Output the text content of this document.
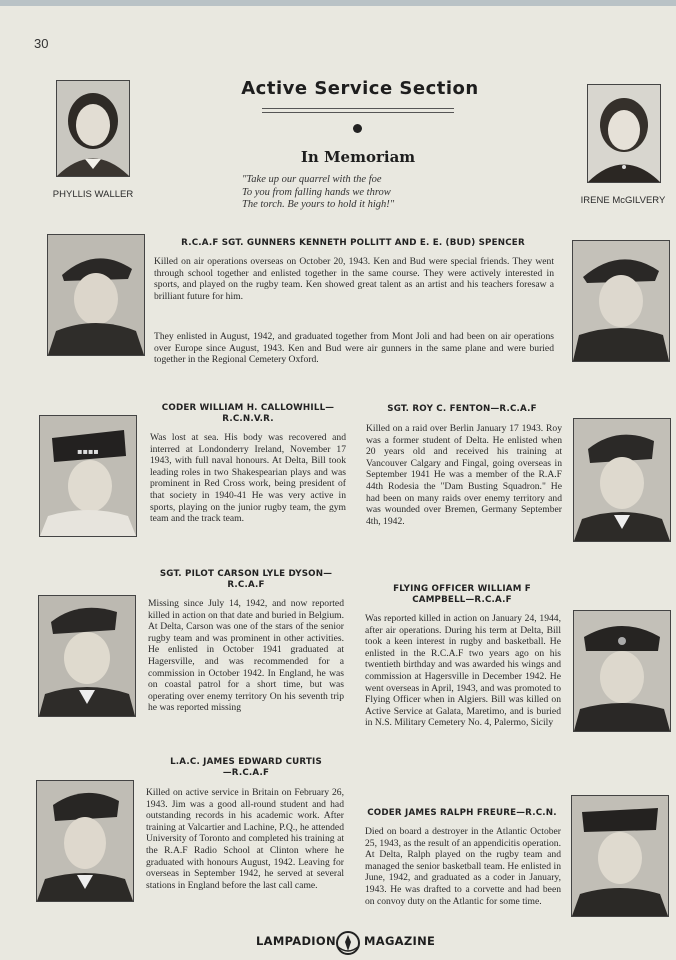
30
Active Service Section
In Memoriam
"Take up our quarrel with the foe
To you from falling hands we throw
The torch. Be yours to hold it high!"
PHYLLIS WALLER
IRENE McGILVERY
R.C.A.F SGT. GUNNERS KENNETH POLLITT AND E. E. (BUD) SPENCER

Killed on air operations overseas on October 20, 1943. Ken and Bud were special friends. They went through school together and enlisted together in the same course. They were actively interested in sports, and played on the rugby team. Ken showed great talent as an artist and his teachers foresaw a brilliant future for him.

They enlisted in August, 1942, and graduated together from Mont Joli and had been on air operations over Europe since August, 1943. Ken and Bud were air gunners in the same plane and were buried together in the Regional Cemetery Oxford.

▪▪▪▪
CODER WILLIAM H. CALLOWHILL—
R.C.N.V.R.

Was lost at sea. His body was recovered and interred at Londonderry Ireland, November 17 1943, with full naval honours. At Delta, Bill took leading roles in two Shakespearian plays and was prominent in Red Cross work, being president of that society in 1940-41 He was very active in sports, playing on the junior rugby team, the gym team and the track team.

SGT. ROY C. FENTON—R.C.A.F

Killed on a raid over Berlin January 17 1943. Roy was a former student of Delta. He enlisted when 20 years old and received his training at Vancouver Calgary and Fingal, going overseas in September 1941 He was a member of the R.A.F 44th Rodesia the "Dam Busting Squadron." He had been on many raids over enemy territory and was wounded over Bremen, Germany September 4th, 1942.

SGT. PILOT CARSON LYLE DYSON—
R.C.A.F

Missing since July 14, 1942, and now reported killed in action on that date and buried in Belgium. At Delta, Carson was one of the stars of the senior rugby team and was prominent in other activities. He enlisted in October 1941 graduated at Hagersville, and was recommended for a commission in October 1942. In England, he was on coastal patrol for a short time, but was operating over enemy territory On his seventh trip he was reported missing

FLYING OFFICER WILLIAM F
CAMPBELL—R.C.A.F

Was reported killed in action on January 24, 1944, after air operations. During his term at Delta, Bill took a keen interest in rugby and basketball. He enlisted in the R.C.A.F two years ago on his twentieth birthday and was awarded his wings and commission at Hagersville in December 1942. He went overseas in April, 1943, and was promoted to Flying Officer when in Algiers. Bill was killed on Active Service at Galata, Maretimo, and is buried in N.S. Military Cemetery No. 4, Palermo, Sicily

L.A.C. JAMES EDWARD CURTIS
—R.C.A.F

Killed on active service in Britain on February 26, 1943. Jim was a good all-round student and had outstanding records in his academic work. After training at Valcartier and Lachine, P.Q., he attended University of Toronto and completed his training at the R.A.F Radio School at Clinton where he graduated with honours August, 1942. Leaving for overseas in September 1942, he served at several stations in England before the last call came.

CODER JAMES RALPH FREURE—R.C.N.

Died on board a destroyer in the Atlantic October 25, 1943, as the result of an appendicitis operation. At Delta, Ralph played on the rugby team and managed the senior basketball team. He enlisted in June, 1942, and graduated as a coder in January, 1943. He was drafted to a corvette and had been on convoy duty on the Atlantic for some time.

LAMPADION MAGAZINE
